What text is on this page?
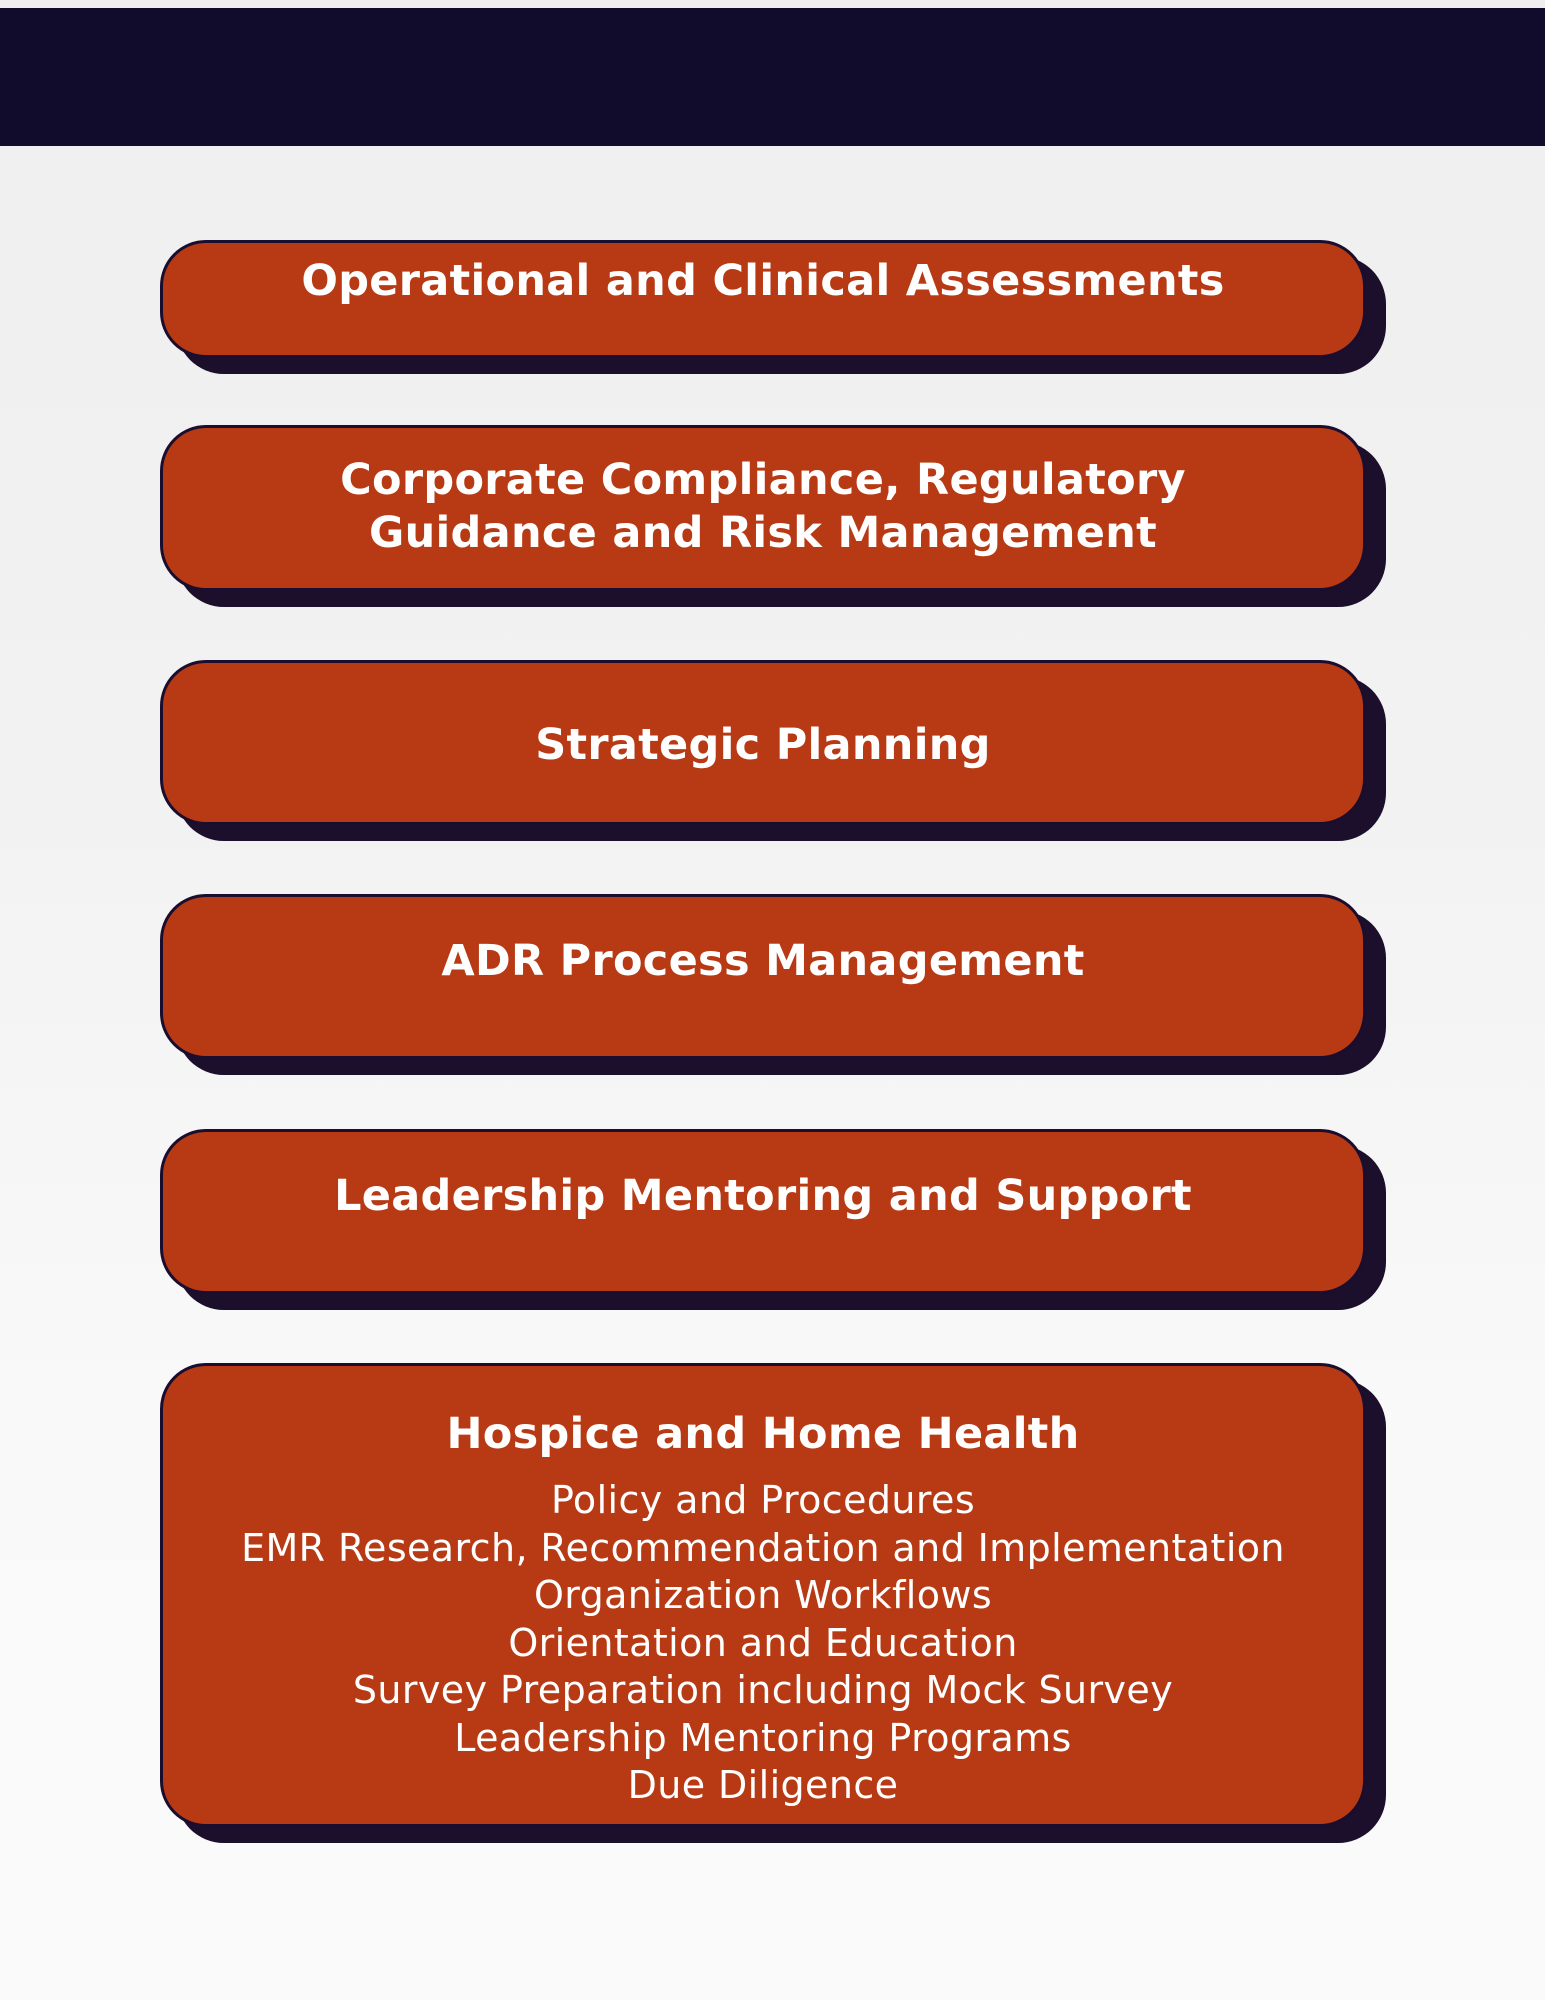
Operational and Clinical Assessments
Corporate Compliance, Regulatory
Guidance and Risk Management
Strategic Planning
ADR Process Management
Leadership Mentoring and Support
Hospice and Home Health
Policy and Procedures
EMR Research, Recommendation and Implementation
Organization Workflows
Orientation and Education
Survey Preparation including Mock Survey
Leadership Mentoring Programs
Due Diligence
